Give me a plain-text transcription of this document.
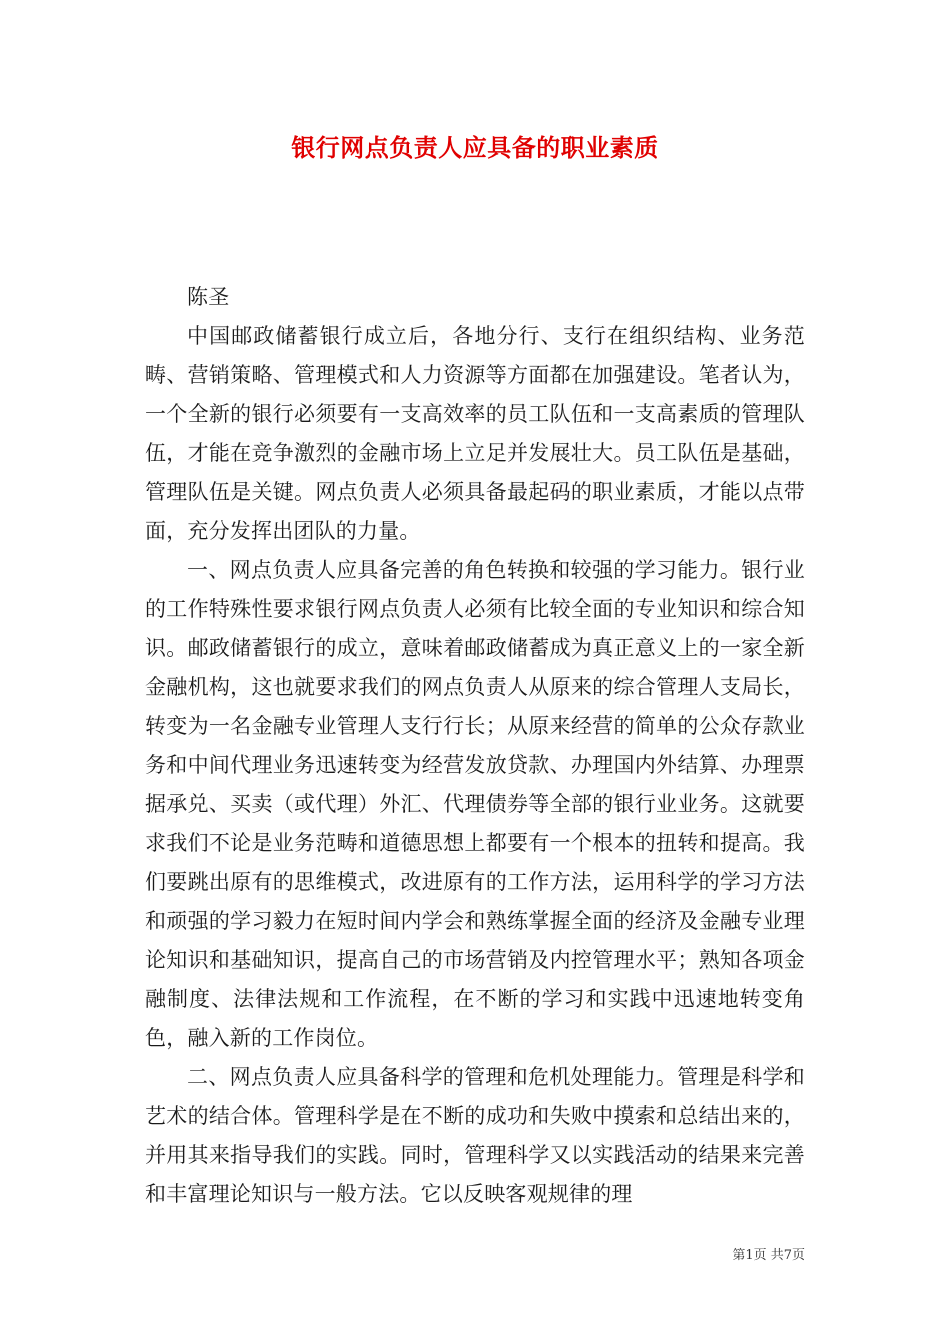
银行网点负责人应具备的职业素质

陈圣

中国邮政储蓄银行成立后，各地分行、支行在组织结构、业务范畴、营销策略、管理模式和人力资源等方面都在加强建设。笔者认为，一个全新的银行必须要有一支高效率的员工队伍和一支高素质的管理队伍，才能在竞争激烈的金融市场上立足并发展壮大。员工队伍是基础，管理队伍是关键。网点负责人必须具备最起码的职业素质，才能以点带面，充分发挥出团队的力量。

一、网点负责人应具备完善的角色转换和较强的学习能力。银行业的工作特殊性要求银行网点负责人必须有比较全面的专业知识和综合知识。邮政储蓄银行的成立，意味着邮政储蓄成为真正意义上的一家全新金融机构，这也就要求我们的网点负责人从原来的综合管理人支局长，转变为一名金融专业管理人支行行长；从原来经营的简单的公众存款业务和中间代理业务迅速转变为经营发放贷款、办理国内外结算、办理票据承兑、买卖（或代理）外汇、代理债券等全部的银行业业务。这就要求我们不论是业务范畴和道德思想上都要有一个根本的扭转和提高。我们要跳出原有的思维模式，改进原有的工作方法，运用科学的学习方法和顽强的学习毅力在短时间内学会和熟练掌握全面的经济及金融专业理论知识和基础知识，提高自己的市场营销及内控管理水平；熟知各项金融制度、法律法规和工作流程，在不断的学习和实践中迅速地转变角色，融入新的工作岗位。

二、网点负责人应具备科学的管理和危机处理能力。管理是科学和艺术的结合体。管理科学是在不断的成功和失败中摸索和总结出来的，并用其来指导我们的实践。同时，管理科学又以实践活动的结果来完善和丰富理论知识与一般方法。它以反映客观规律的理

第1页 共7页
